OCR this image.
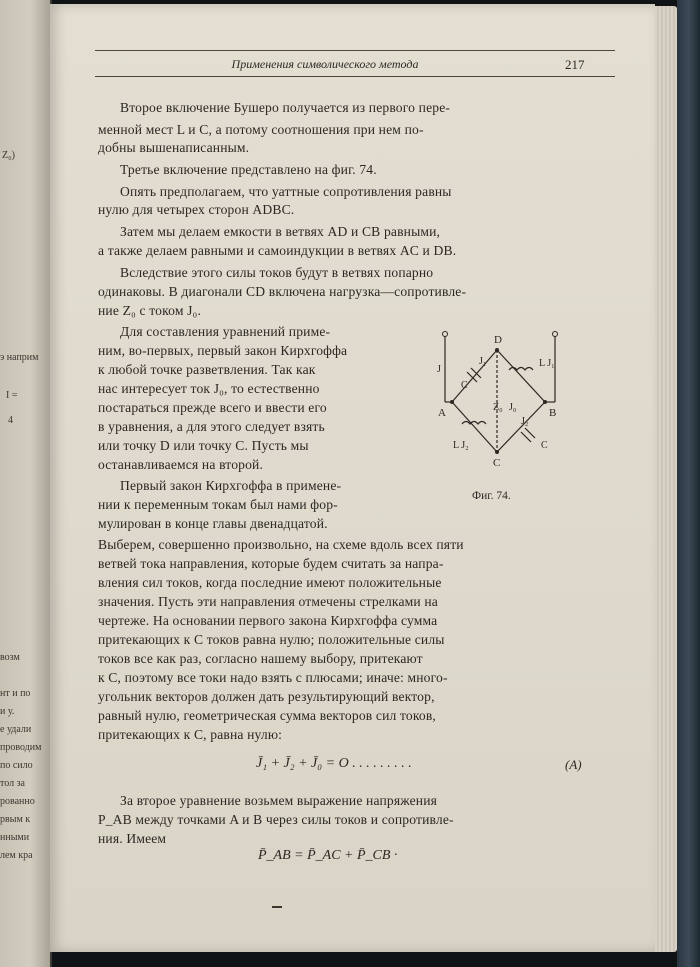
Z₀)
э наприм
I =
4
возм
нт и по
и у.
е удали
проводим
по сило
тол за
рованно
рвым к
нными
лем кра
Применения символического метода	217
Второе включение Бушеро получается из первого пере-
менной мест L и C, а потому соотношения при нем по-
добны вышенаписанным.
Третье включение представлено на фиг. 74.
Опять предполагаем, что уаттные сопротивления равны
нулю для четырех сторон ADBC.
Затем мы делаем емкости в ветвях AD и CB равными,
а также делаем равными и самоиндукции в ветвях AC и DB.
Вследствие этого силы токов будут в ветвях попарно
одинаковы. В диагонали CD включена нагрузка—сопротивле-
ние Z₀ с током J₀.
Для составления уравнений приме-
ним, во-первых, первый закон Кирхгоффа
к любой точке разветвления. Так как
нас интересует ток J₀, то естественно
постараться прежде всего и ввести его
в уравнения, а для этого следует взять
или точку D или точку C. Пусть мы
останавливаемся на второй.
Первый закон Кирхгоффа в примене-
нии к переменным токам был нами фор-
мулирован в конце главы двенадцатой.
Выберем, совершенно произвольно, на схеме вдоль всех пяти
ветвей тока направления, которые будем считать за напра-
вления сил токов, когда последние имеют положительные
значения. Пусть эти направления отмечены стрелками на
чертеже. На основании первого закона Кирхгоффа сумма
притекающих к C токов равна нулю; положительные силы
токов все как раз, согласно нашему выбору, притекают
к C, поэтому все токи надо взять с плюсами; иначе: много-
угольник векторов должен дать результирующий вектор,
равный нулю, геометрическая сумма векторов сил токов,
притекающих к C, равна нулю:
J̄₁ + J̄₂ + J̄₀ = O . . . . . . . . .	(A)
За второе уравнение возьмем выражение напряжения
P_AB между точками A и B через силы токов и сопротивле-
ния. Имеем
P̄_AB = P̄_AC + P̄_CB ·
D
A	B
C
J
J₁	L J₁
Z₀ J₀
C
L J₂
J₂
C
Фиг. 74.
